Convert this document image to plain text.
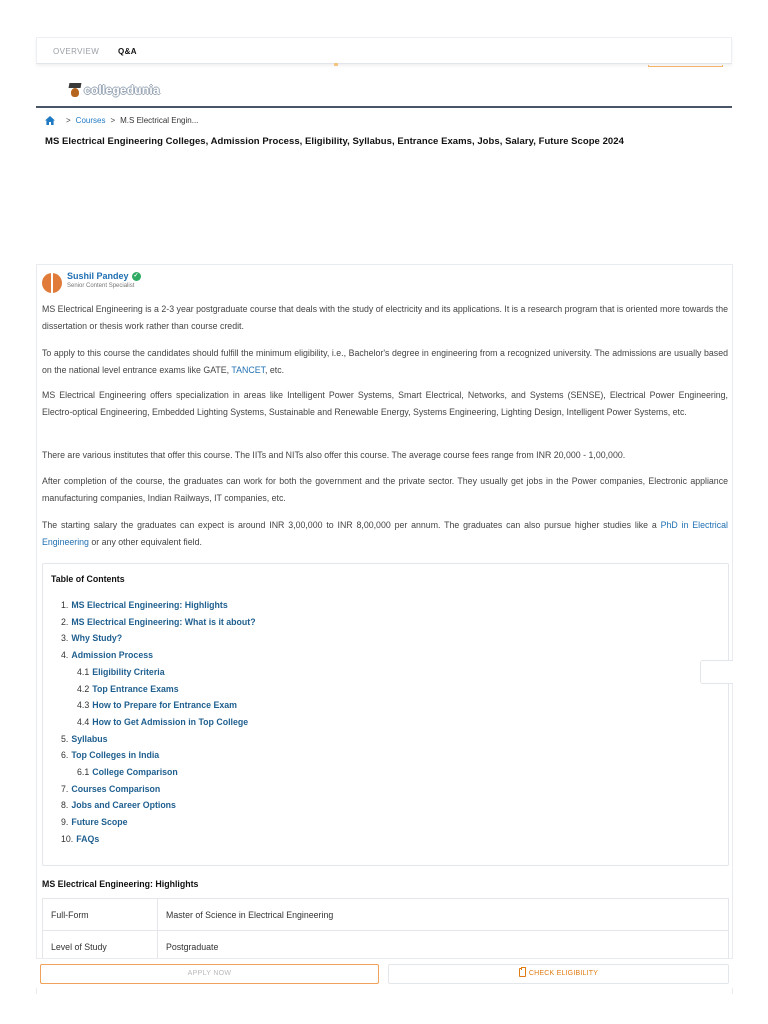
OVERVIEW Q&A
collegedunia
> Courses > M.S Electrical Engin...
MS Electrical Engineering Colleges, Admission Process, Eligibility, Syllabus, Entrance Exams, Jobs, Salary, Future Scope 2024
Sushil Pandey ✓
Senior Content Specialist

MS Electrical Engineering is a 2-3 year postgraduate course that deals with the study of electricity and its applications. It is a research program that is oriented more towards the dissertation or thesis work rather than course credit.

To apply to this course the candidates should fulfill the minimum eligibility, i.e., Bachelor's degree in engineering from a recognized university. The admissions are usually based on the national level entrance exams like GATE, TANCET, etc.

MS Electrical Engineering offers specialization in areas like Intelligent Power Systems, Smart Electrical, Networks, and Systems (SENSE), Electrical Power Engineering, Electro-optical Engineering, Embedded Lighting Systems, Sustainable and Renewable Energy, Systems Engineering, Lighting Design, Intelligent Power Systems, etc.

There are various institutes that offer this course. The IITs and NITs also offer this course. The average course fees range from INR 20,000 - 1,00,000.

After completion of the course, the graduates can work for both the government and the private sector. They usually get jobs in the Power companies, Electronic appliance manufacturing companies, Indian Railways, IT companies, etc.

The starting salary the graduates can expect is around INR 3,00,000 to INR 8,00,000 per annum. The graduates can also pursue higher studies like a PhD in Electrical Engineering or any other equivalent field.

Table of Contents
1. MS Electrical Engineering: Highlights
2. MS Electrical Engineering: What is it about?
3. Why Study?
4. Admission Process
4.1 Eligibility Criteria
4.2 Top Entrance Exams
4.3 How to Prepare for Entrance Exam
4.4 How to Get Admission in Top College
5. Syllabus
6. Top Colleges in India
6.1 College Comparison
7. Courses Comparison
8. Jobs and Career Options
9. Future Scope
10. FAQs
MS Electrical Engineering: Highlights
Full-Form	Master of Science in Electrical Engineering
Level of Study	Postgraduate
APPLY NOW	CHECK ELIGIBILITY
